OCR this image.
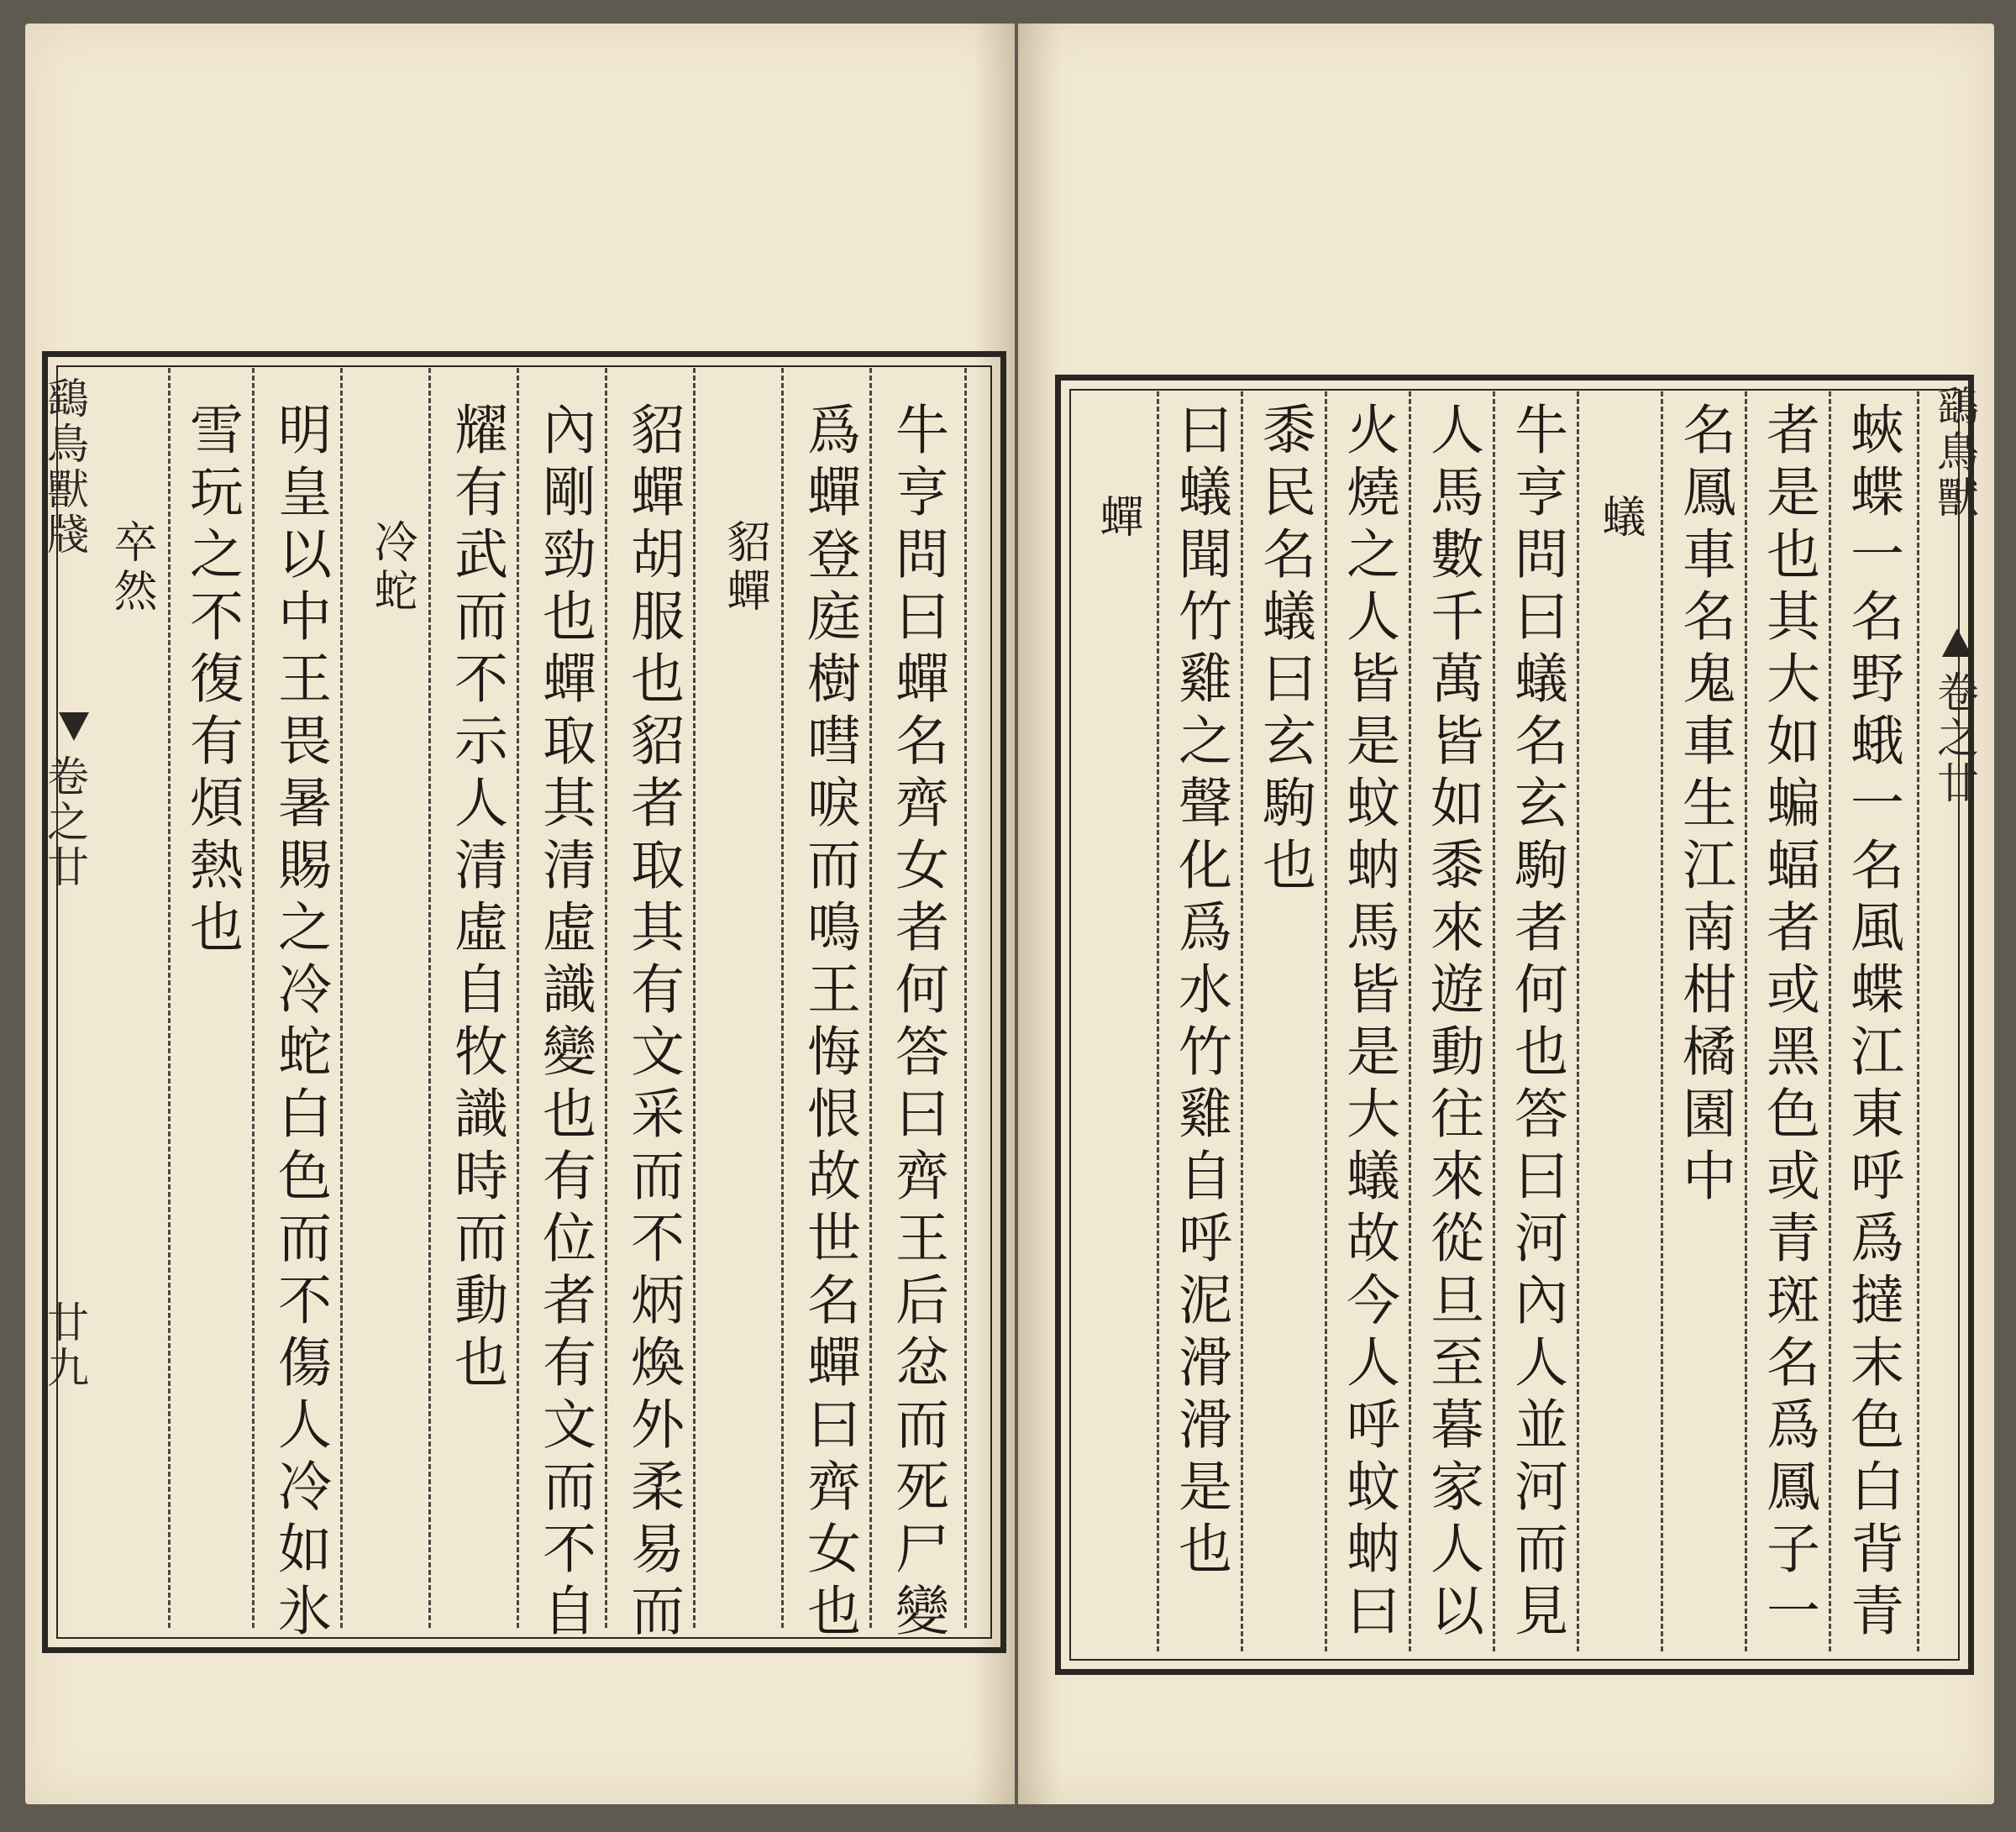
鷂鳥獸牋
卷之廿
廿九	牛亨問曰蟬名齊女者何答曰齊王后忿而死尸變
爲蟬登庭樹嘒唳而鳴王悔恨故世名蟬曰齊女也
貂蟬
貂蟬胡服也貂者取其有文采而不炳煥外柔易而
內剛勁也蟬取其清虛識變也有位者有文而不自
耀有武而不示人清虛自牧識時而動也
冷蛇
明皇以中王畏暑賜之冷蛇白色而不傷人冷如氷
雪玩之不復有煩熱也
卒然
鷂鳥獸
卷之廿
蛺蝶一名野蛾一名風蝶江東呼爲撻末色白背青
者是也其大如蝙蝠者或黑色或青斑名爲鳳子一
名鳳車名鬼車生江南柑橘園中
蟻
牛亨問曰蟻名玄駒者何也答曰河內人並河而見
人馬數千萬皆如黍來遊動往來從旦至暮家人以
火燒之人皆是蚊蚋馬皆是大蟻故今人呼蚊蚋曰
黍民名蟻曰玄駒也
曰蟻聞竹雞之聲化爲水竹雞自呼泥滑滑是也
蟬
